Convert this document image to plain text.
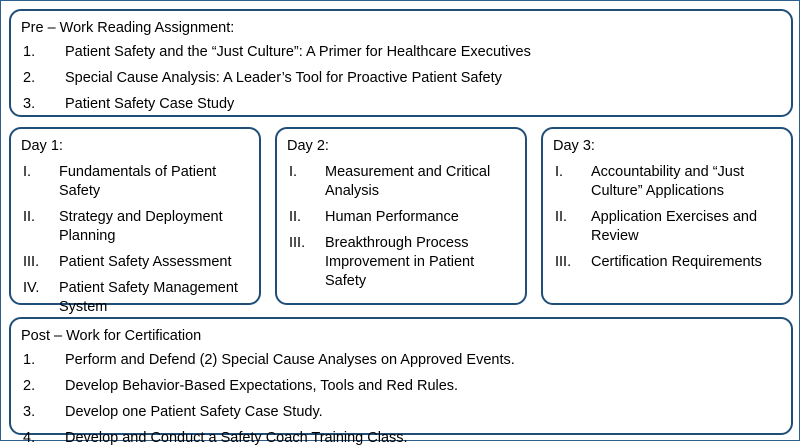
Pre – Work Reading Assignment:
1.	Patient Safety and the “Just Culture”: A Primer for Healthcare Executives
2.	Special Cause Analysis: A Leader’s Tool for Proactive Patient Safety
3.	Patient Safety Case Study
Day 1:
I.	Fundamentals of Patient Safety
II.	Strategy and Deployment Planning
III.	Patient Safety Assessment
IV.	Patient Safety Management System
Day 2:
I.	Measurement and Critical Analysis
II.	Human Performance
III.	Breakthrough Process Improvement in Patient Safety
Day 3:
I.	Accountability and “Just Culture” Applications
II.	Application Exercises and Review
III.	Certification Requirements
Post – Work for Certification
1.	Perform and Defend (2) Special Cause Analyses on Approved Events.
2.	Develop Behavior-Based Expectations, Tools and Red Rules.
3.	Develop one Patient Safety Case Study.
4.	Develop and Conduct a Safety Coach Training Class.
